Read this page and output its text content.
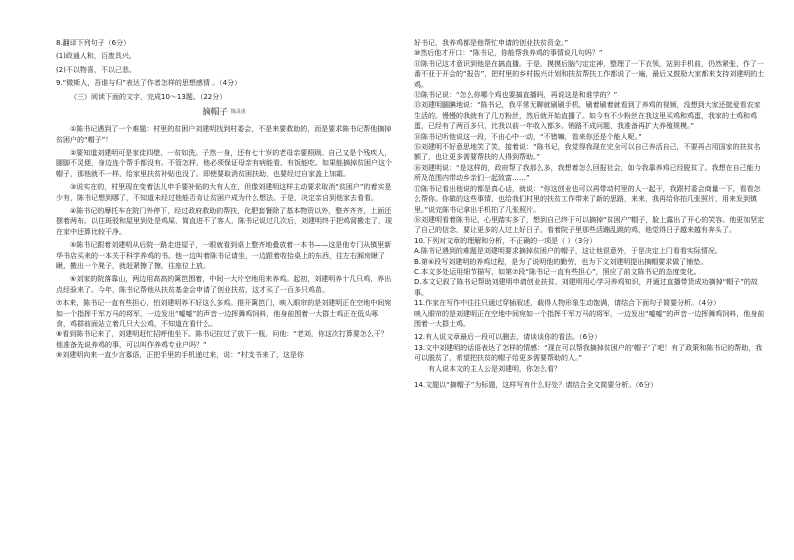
8.翻译下列句子（6分）

(1)政通人和，百废具兴。

(2)不以物喜，不以己悲。

9.“微斯人，吾谁与归”表达了作者怎样的思想感情 。（4分）

（三）阅读下面的文字，完成10～13题。（22分）

摘帽子 钱灵虎

①陈书记遇到了一个难题：村里的贫困户刘建明找到村委会，不是来要救助的，而是要求陈书记帮他摘掉贫困户的“帽子”！

②要知道刘建明可是家徒四壁、一贫如洗。子然一身，还有七十岁的老母亲要照顾。自己又是个残疾人，腿脚不灵便，身边连个帮手都没有。不管怎样，他必须保证母亲有病能看、有饭能吃。如果能摘掉贫困户这个帽子，那他就不一样，给家里扶贫补贴也没了。即使要取消贫困扶助，也要经过自家盖上加霜。

③说实在的，村里现在变着法儿申手要补贴的大有人在，但像刘建明这样主动要求取消“贫困户”的着实是少有，陈书记想到哪了，不知道未经过他能否肯让贫困户成为什么想法。于是，决定亲自到他家去看看。

④陈书记的摩托车在院门外停下，经过政府救助的帮扶，化肥套餐除了基本物资以外，整齐齐齐，上面还摆着两布。以往斑驳和屋里到处是鸡屎，简直进不了客人，陈书记说过几次后，刘建明终于把鸡窝搬走了，现在家中还算比较干净。

⑤陈书记跟着刘建明从后院一路走进屋子，一眼就看到桌上整齐地叠放着一本书——这是他专门从镇里新华书店买来的一本关于科学养鸡的书。他一边叫着陈书记请坐，一边跟着收拾桌上的东西，往左右厢房瞅了瞅，搬出一个凳子，就赶紧擦了擦，往座位上放。

⑥刘家的院落靠山，两边用高高的篱笆围着，中间一大片空地用来养鸡。起初，刘建明养十几只鸡，养出点经验来了。今年，陈书记帮他从扶贫基金会申请了创业扶贫，这才买了一百多只鸡苗。

⑦本来，陈书记一直有些担心，怕刘建明养不好这么多鸡。推开篱笆门，映入眼帘的是刘建明正在空地中间宛如一个指挥千军万马的将军，一边发出“嘘嘘”的声音一边挥舞鸡饲料，他身前围着一大群土鸡正在低头啄食，鸡群前面站立着几只大公鸡，不知道在看什么。

⑧看到陈书记来了，刘建明赶忙招呼他坐下。陈书记拉过了放下一瓶，问他：“老刘，你这次打算要怎么干？他准备先说养鸡的事，可以叫作养鸡专业户吗？”

⑨刘建明向来一直少言寡语，正把手里的手机递过来，说：“村支书来了，这是你

好书记，我养鸡都是他帮忙申请的创业扶贫资金。”

⑩然后他才开口：“陈书记，你能帮我养鸡的事情说几句吗？”

⑪陈书记这才意识到他是在搞直播。于是，摸摸后脑勺定定神，整理了一下衣领，站到手机前，仍然紧张，作了一番不亚于开会的“报告”，把村里的乡村振兴计划和扶贫帮扶工作都说了一遍，最后又鼓励大家都来支持刘建明的土鸡。

⑫陈书记说：“怎么你哪个鸡也要搞直播吗，再说这是和谁学的？”

⑬刘建明腼腆地说：“陈书记，我平常无聊就刷刷手机，刷着刷着就看到了养鸡的视频，没想到大家还挺爱看农家生活的。慢慢的我就有了几万粉丝，然后就开始直播了。如今有不少粉丝在我这里买鸡和鸡蛋，我家的土鸡和鸡蛋，已经有了两百多只，比我以前一年收入都多。销路不成问题，我准备再扩大养殖规模。”

⑭陈书记听他说这一段，不由心中一动，“不错嘛，看来你还是个能人呢。”

⑮刘建明不好意思地笑了笑，接着说：“陈书记，我觉得我现在完全可以自己养活自己，不要再占用国家的扶贫名额了，也让更多需要帮扶的人得到帮助。”

⑯刘建明说：“是这样的，政府帮了我那么多，我想着怎么回报社会，如今我靠养鸡已经脱贫了。我想在自己能力所及范围内带动乡亲们一起致富……”

⑰陈书记看出他说的都是真心话，就说：“你这创业也可以再带动村里的人一起干，我跟村委会商量一下，看看怎么帮你。你做的这些事情，也给我们村里的扶贫工作带来了新的思路，来来，我再给你拍几张照片，用来发到镇里。”说完陈书记拿出手机拍了几张照片。

⑱刘建明看着陈书记，心里踏实多了，想到自己终于可以摘掉“贫困户”帽子，脸上露出了开心的笑容。他更加坚定了自己的信念，要让更多的人过上好日子。看着院子里那些活蹦乱跳的鸡，他觉得日子越来越有奔头了。

10.下列对文章的理解和分析，不正确的一项是（ ）（3分）

A.陈书记遇到的难题是刘建明要求摘掉贫困户的帽子，这让他很意外，于是决定上门看看实际情况。

B.第⑥段写刘建明的养鸡过程，是为了说明他的勤劳，也为下文刘建明提出摘帽要求做了铺垫。

C.本文多处运用细节描写，如第⑦段“陈书记一直有些担心”，照应了前文陈书记的态度变化。

D.本文记叙了陈书记帮助刘建明申请创业扶贫、刘建明用心学习养鸡知识，并通过直播带货成功摘掉“帽子”的故事。

11.作家在写作中往往只通过穿插叙述，载得人物形象生动饱满，请结合下面句子简要分析。（4分）

映入眼帘的是刘建明正在空地中间宛如一个指挥千军万马的将军，一边发出“嘘嘘”的声音一边挥舞鸡饲料，他身前围着一大群土鸡。

12.有人说文章最后一段可以删去，请谈谈你的看法。（6分）

13.文中刘建明的话语表达了怎样的情感：“现在可以帮我摘掉贫困户的‘帽子’了吧！有了政策和陈书记的帮助，我可以脱贫了，希望把扶贫的帽子给更多需要帮助的人。”

有人说本文的主人公是刘建明，你怎么看？

14.文题以“摘帽子”为标题，这样写有什么好处？请结合全文简要分析。（6分）
